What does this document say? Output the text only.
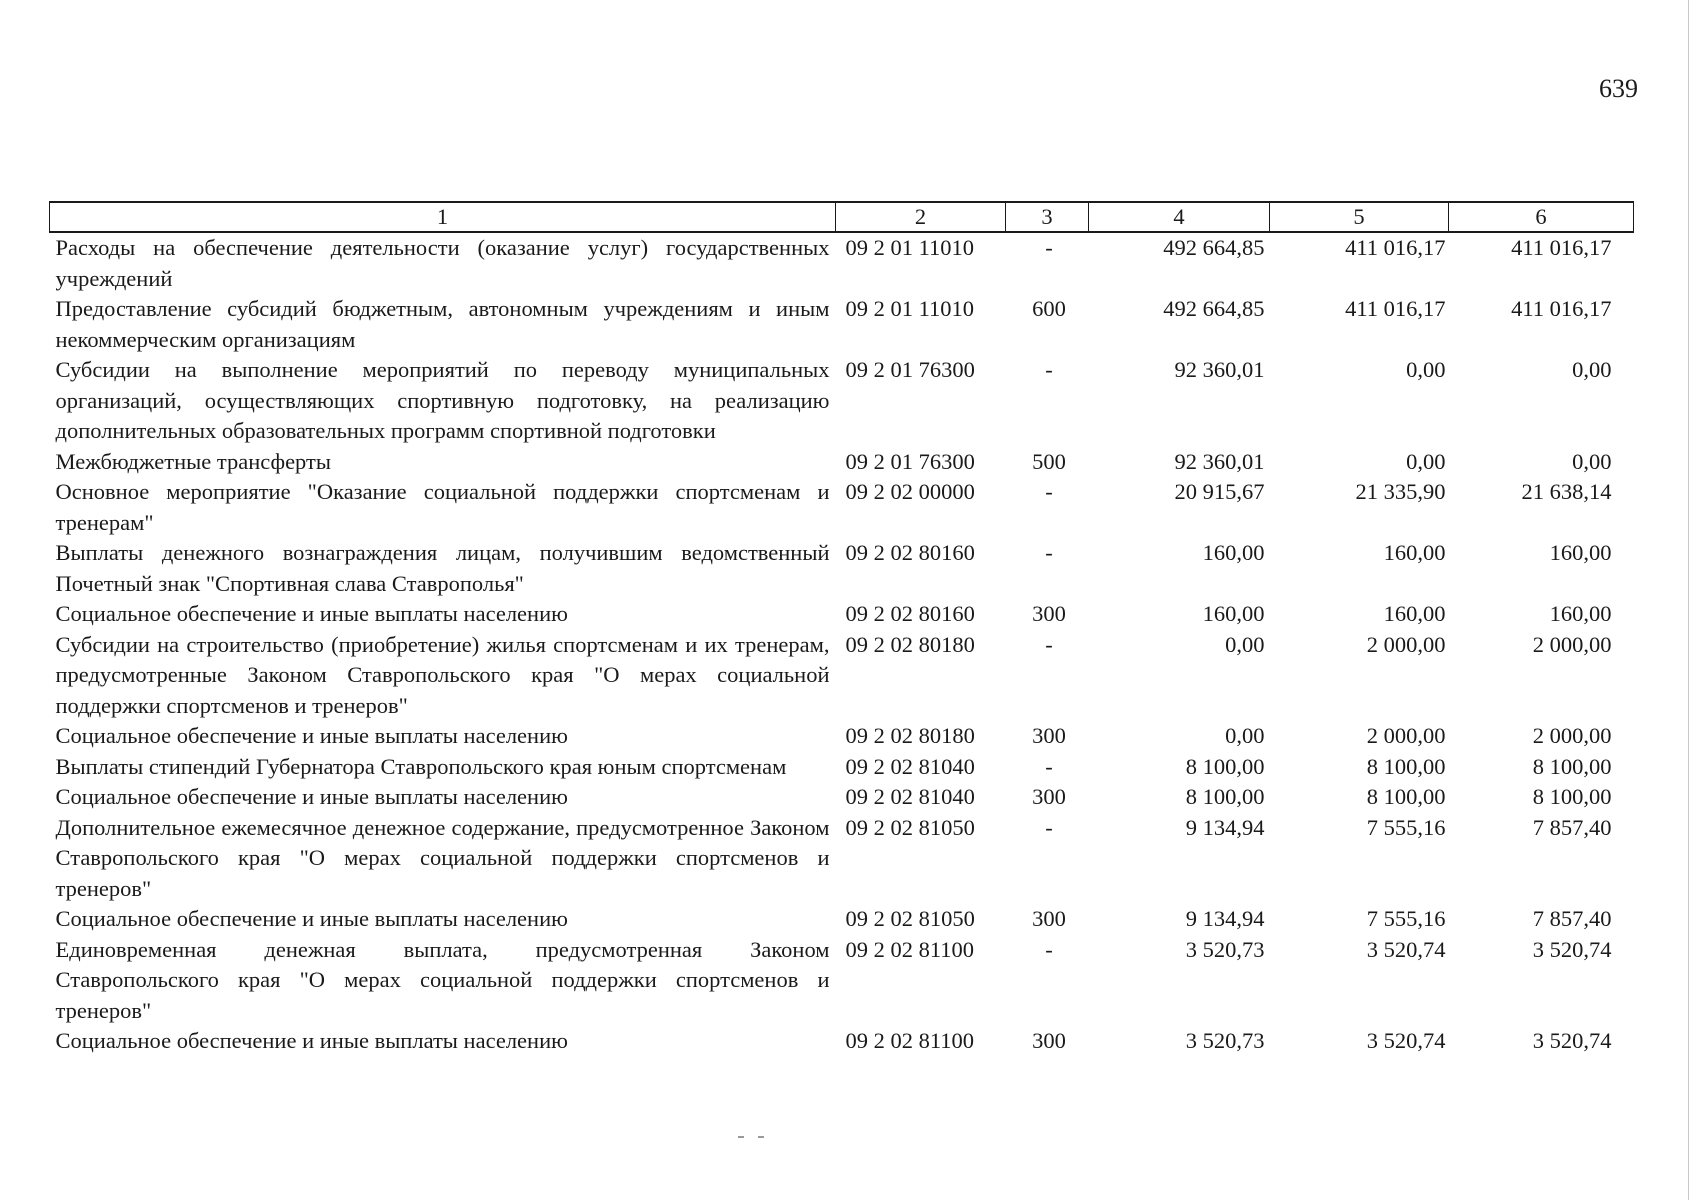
639
1	2	3	4	5	6
Расходы на обеспечение деятельности (оказание услуг) государственных учреждений	09 2 01 11010	-	492 664,85	411 016,17	411 016,17
Предоставление субсидий бюджетным, автономным учреждениям и иным некоммерческим организациям	09 2 01 11010	600	492 664,85	411 016,17	411 016,17
Субсидии на выполнение мероприятий по переводу муниципальных организаций, осуществляющих спортивную подготовку, на реализацию дополнительных образовательных программ спортивной подготовки	09 2 01 76300	-	92 360,01	0,00	0,00
Межбюджетные трансферты	09 2 01 76300	500	92 360,01	0,00	0,00
Основное мероприятие "Оказание социальной поддержки спортсменам и тренерам"	09 2 02 00000	-	20 915,67	21 335,90	21 638,14
Выплаты денежного вознаграждения лицам, получившим ведомственный Почетный знак "Спортивная слава Ставрополья"	09 2 02 80160	-	160,00	160,00	160,00
Социальное обеспечение и иные выплаты населению	09 2 02 80160	300	160,00	160,00	160,00
Субсидии на строительство (приобретение) жилья спортсменам и их тренерам, предусмотренные Законом Ставропольского края "О мерах социальной поддержки спортсменов и тренеров"	09 2 02 80180	-	0,00	2 000,00	2 000,00
Социальное обеспечение и иные выплаты населению	09 2 02 80180	300	0,00	2 000,00	2 000,00
Выплаты стипендий Губернатора Ставропольского края юным спортсменам	09 2 02 81040	-	8 100,00	8 100,00	8 100,00
Социальное обеспечение и иные выплаты населению	09 2 02 81040	300	8 100,00	8 100,00	8 100,00
Дополнительное ежемесячное денежное содержание, предусмотренное Законом Ставропольского края "О мерах социальной поддержки спортсменов и тренеров"	09 2 02 81050	-	9 134,94	7 555,16	7 857,40
Социальное обеспечение и иные выплаты населению	09 2 02 81050	300	9 134,94	7 555,16	7 857,40
Единовременная денежная выплата, предусмотренная Законом Ставропольского края "О мерах социальной поддержки спортсменов и тренеров"	09 2 02 81100	-	3 520,73	3 520,74	3 520,74
Социальное обеспечение и иные выплаты населению	09 2 02 81100	300	3 520,73	3 520,74	3 520,74
